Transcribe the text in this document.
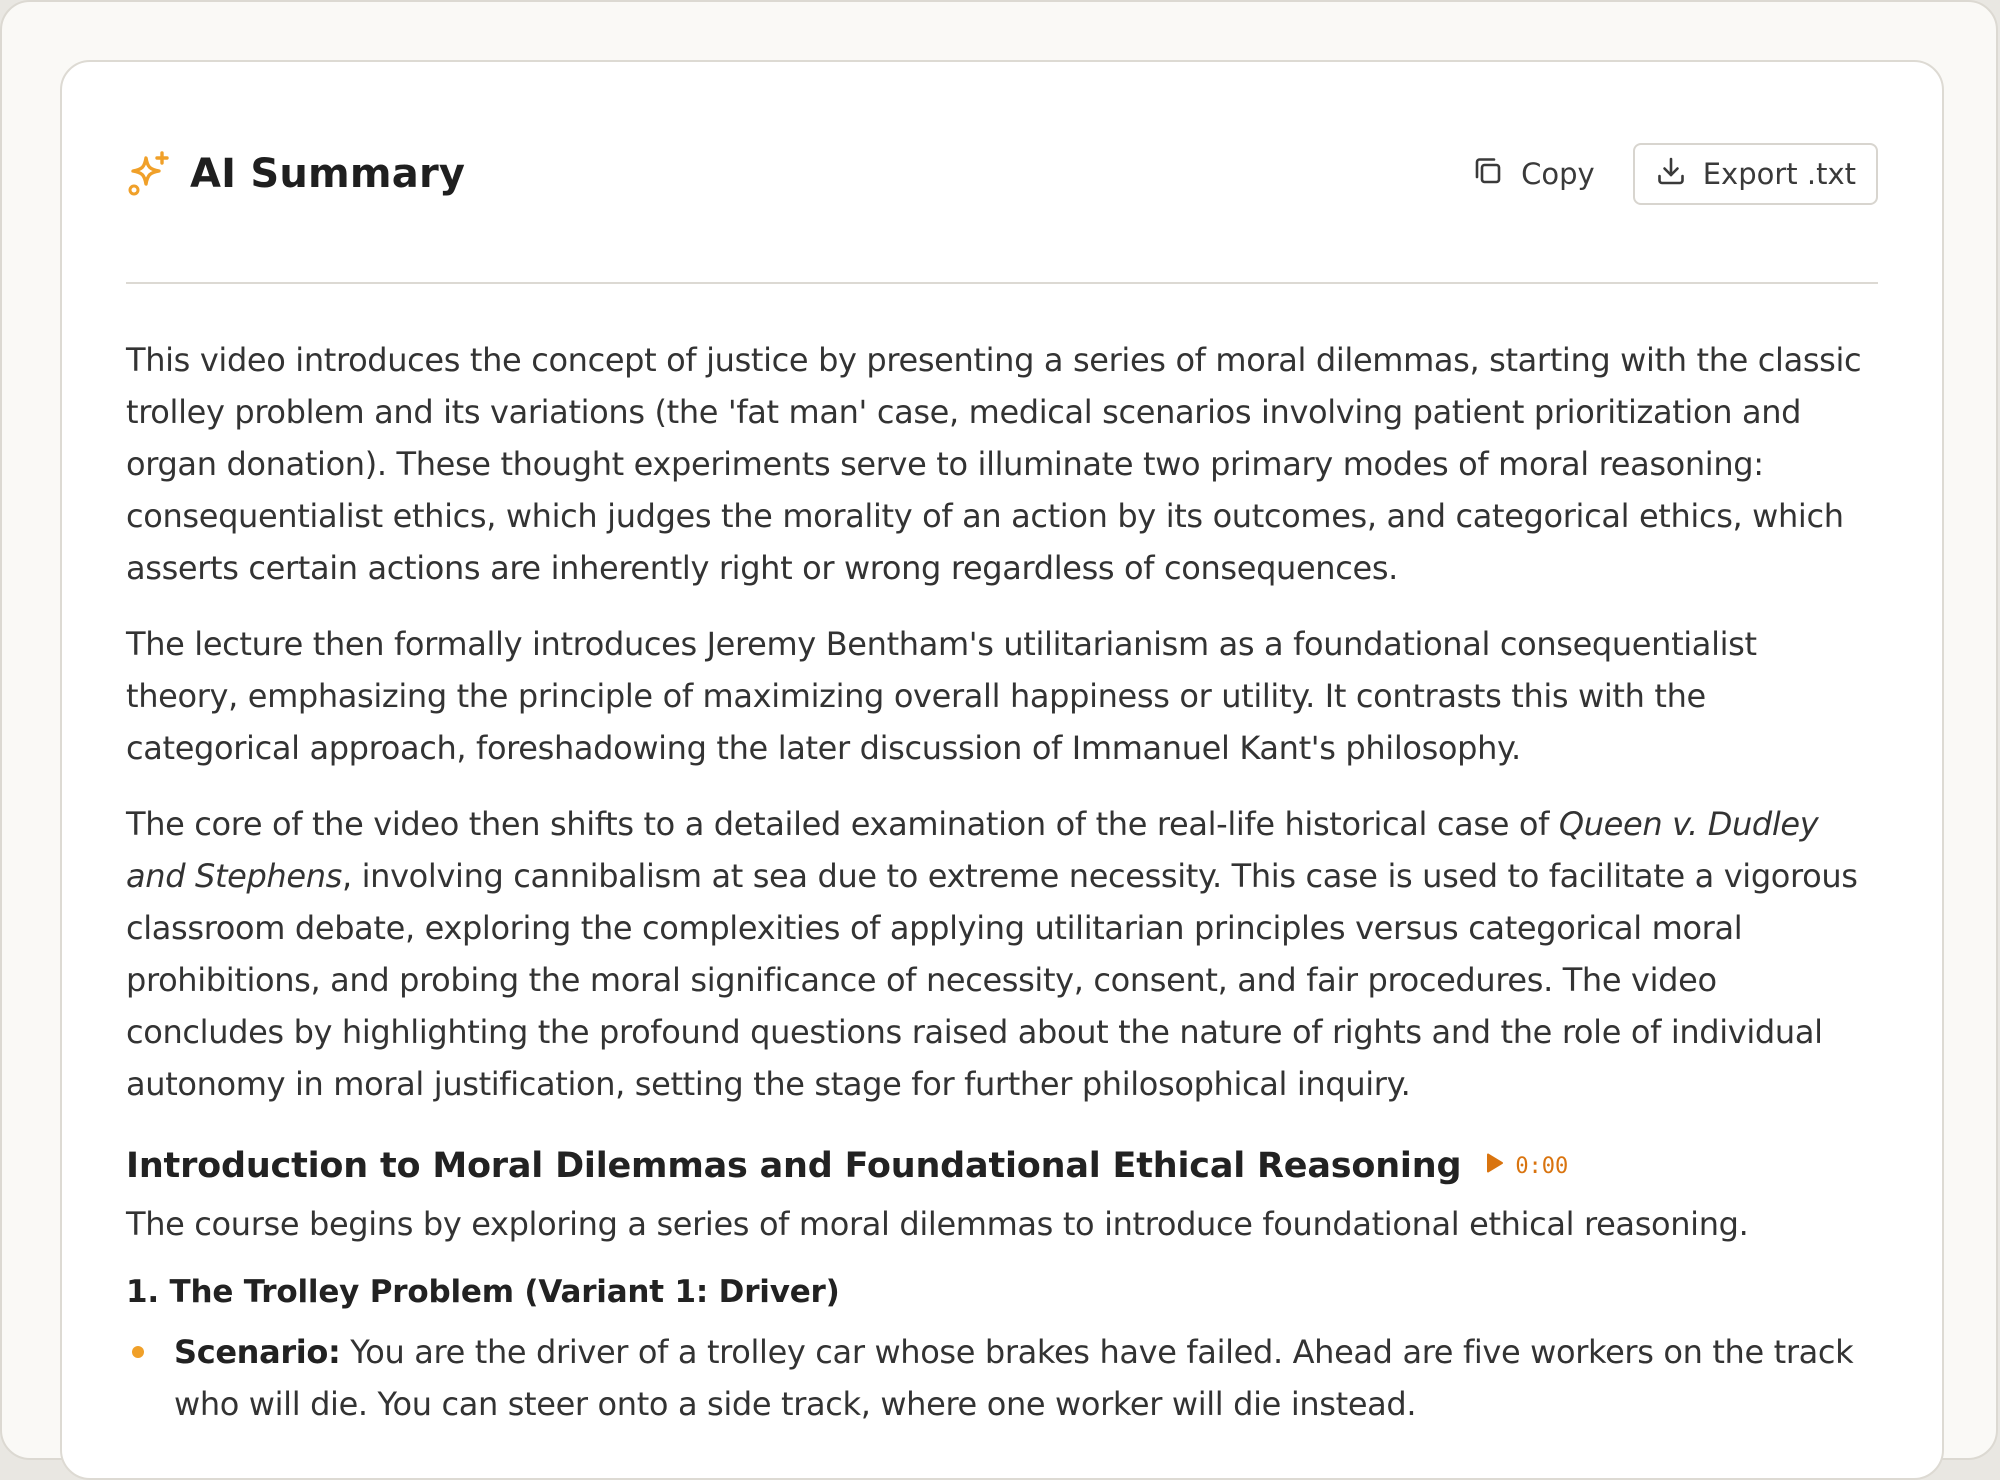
AI Summary	Copy	Export .txt

This video introduces the concept of justice by presenting a series of moral dilemmas, starting with the classic trolley problem and its variations (the 'fat man' case, medical scenarios involving patient prioritization and organ donation). These thought experiments serve to illuminate two primary modes of moral reasoning: consequentialist ethics, which judges the morality of an action by its outcomes, and categorical ethics, which asserts certain actions are inherently right or wrong regardless of consequences.

The lecture then formally introduces Jeremy Bentham's utilitarianism as a foundational consequentialist theory, emphasizing the principle of maximizing overall happiness or utility. It contrasts this with the categorical approach, foreshadowing the later discussion of Immanuel Kant's philosophy.

The core of the video then shifts to a detailed examination of the real-life historical case of Queen v. Dudley and Stephens, involving cannibalism at sea due to extreme necessity. This case is used to facilitate a vigorous classroom debate, exploring the complexities of applying utilitarian principles versus categorical moral prohibitions, and probing the moral significance of necessity, consent, and fair procedures. The video concludes by highlighting the profound questions raised about the nature of rights and the role of individual autonomy in moral justification, setting the stage for further philosophical inquiry.

Introduction to Moral Dilemmas and Foundational Ethical Reasoning 0:00

The course begins by exploring a series of moral dilemmas to introduce foundational ethical reasoning.

1. The Trolley Problem (Variant 1: Driver)
Scenario: You are the driver of a trolley car whose brakes have failed. Ahead are five workers on the track who will die. You can steer onto a side track, where one worker will die instead.
